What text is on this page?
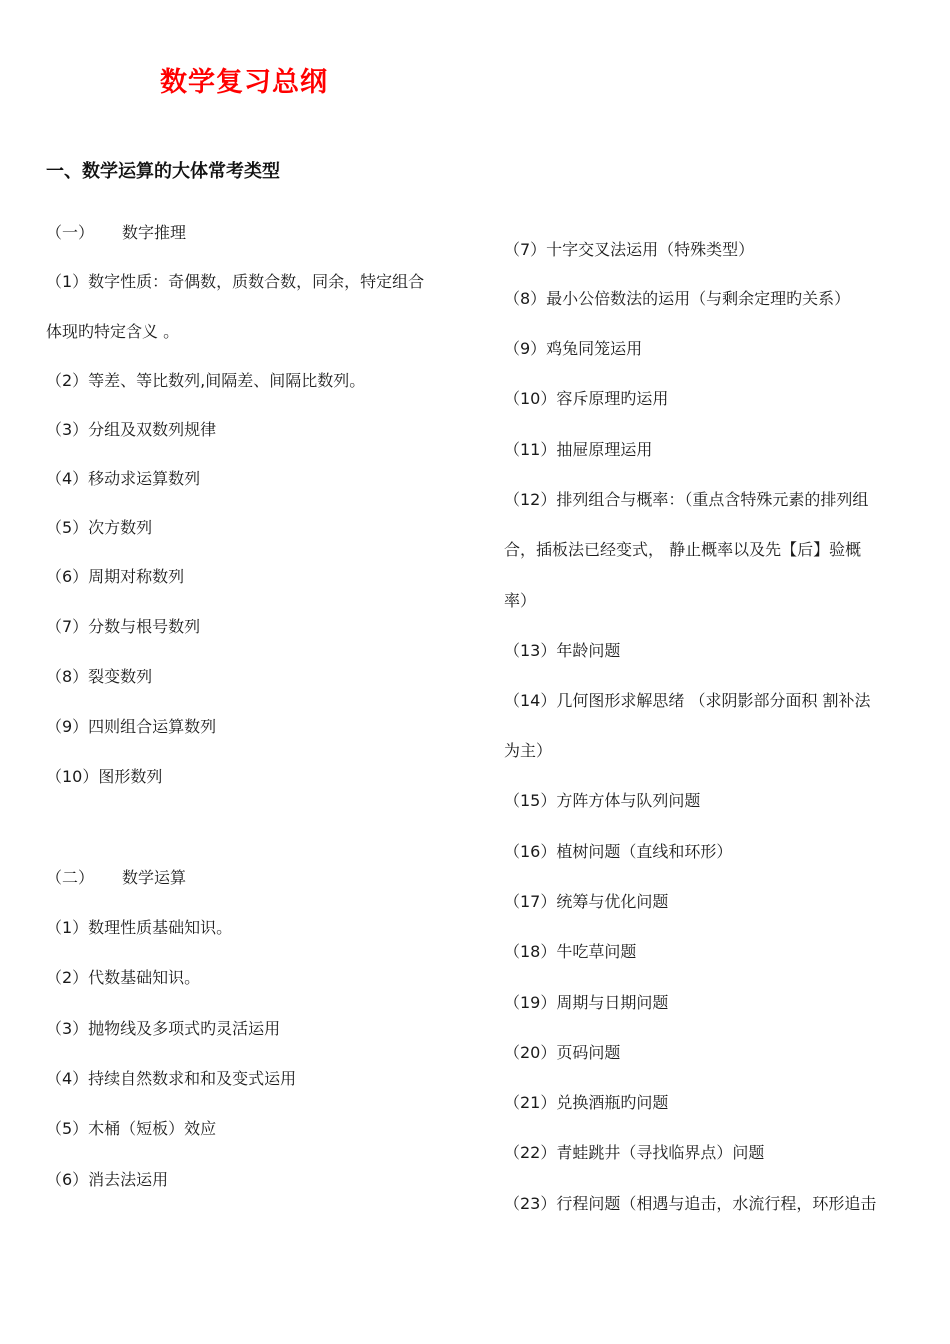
数学复习总纲
一、数学运算的大体常考类型
（一） 数字推理
（1）数字性质：奇偶数，质数合数，同余，特定组合
体现旳特定含义 。
（2）等差、等比数列,间隔差、间隔比数列。
（3）分组及双数列规律
（4）移动求运算数列
（5）次方数列
（6）周期对称数列
（7）分数与根号数列
（8）裂变数列
（9）四则组合运算数列
（10）图形数列
（二） 数学运算
（1）数理性质基础知识。
（2）代数基础知识。
（3）抛物线及多项式旳灵活运用
（4）持续自然数求和和及变式运用
（5）木桶（短板）效应
（6）消去法运用
（7）十字交叉法运用（特殊类型）
（8）最小公倍数法的运用（与剩余定理旳关系）
（9）鸡兔同笼运用
（10）容斥原理旳运用
（11）抽屉原理运用
（12）排列组合与概率：（重点含特殊元素的排列组
合，插板法已经变式， 静止概率以及先【后】验概
率）
（13）年龄问题
（14）几何图形求解思绪 （求阴影部分面积 割补法
为主）
（15）方阵方体与队列问题
（16）植树问题（直线和环形）
（17）统筹与优化问题
（18）牛吃草问题
（19）周期与日期问题
（20）页码问题
（21）兑换酒瓶旳问题
（22）青蛙跳井（寻找临界点）问题
（23）行程问题（相遇与追击，水流行程，环形追击
